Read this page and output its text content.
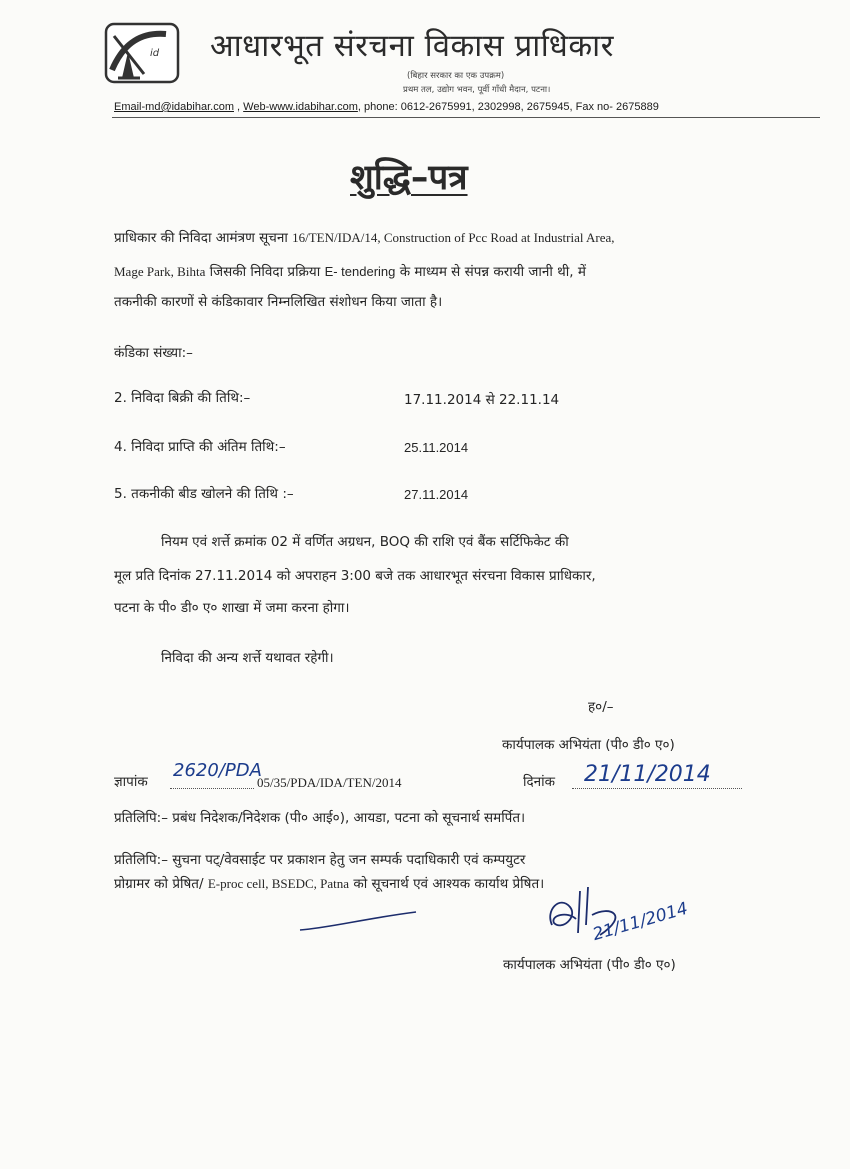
id आधारभूत संरचना विकास प्राधिकार
(बिहार सरकार का एक उपक्रम)
प्रथम तल, उद्योग भवन, पूर्वी गाँधी मैदान, पटना।
Email-md@idabihar.com , Web-www.idabihar.com, phone: 0612-2675991, 2302998, 2675945, Fax no- 2675889
शुद्धि–पत्र
प्राधिकार की निविदा आमंत्रण सूचना 16/TEN/IDA/14, Construction of Pcc Road at Industrial Area,
Mage Park, Bihta जिसकी निविदा प्रक्रिया E- tendering के माध्यम से संपन्न करायी जानी थी, में
तकनीकी कारणों से कंडिकावार निम्नलिखित संशोधन किया जाता है।
कंडिका संख्या:–
2. निविदा बिक्री की तिथि:–	17.11.2014 से 22.11.14
4. निविदा प्राप्ति की अंतिम तिथि:–	25.11.2014
5. तकनीकी बीड खोलने की तिथि :–	27.11.2014
नियम एवं शर्त्ते क्रमांक 02 में वर्णित अग्रधन, BOQ की राशि एवं बैंक सर्टिफिकेट की
मूल प्रति दिनांक 27.11.2014 को अपराहन 3:00 बजे तक आधारभूत संरचना विकास प्राधिकार,
पटना के पी० डी० ए० शाखा में जमा करना होगा।
निविदा की अन्य शर्त्ते यथावत रहेगी।
ह०/–
कार्यपालक अभियंता (पी० डी० ए०)
ज्ञापांक
2620/PDA
05/35/PDA/IDA/TEN/2014	दिनांक 21/11/2014
प्रतिलिपि:– प्रबंध निदेशक/निदेशक (पी० आई०), आयडा, पटना को सूचनार्थ समर्पित।
प्रतिलिपि:– सुचना पट्/वेवसाईट पर प्रकाशन हेतु जन सम्पर्क पदाधिकारी एवं कम्पयुटर
प्रोग्रामर को प्रेषित/ E-proc cell, BSEDC, Patna को सूचनार्थ एवं आश्यक कार्याथ प्रेषित।
21/11/2014
कार्यपालक अभियंता (पी० डी० ए०)
